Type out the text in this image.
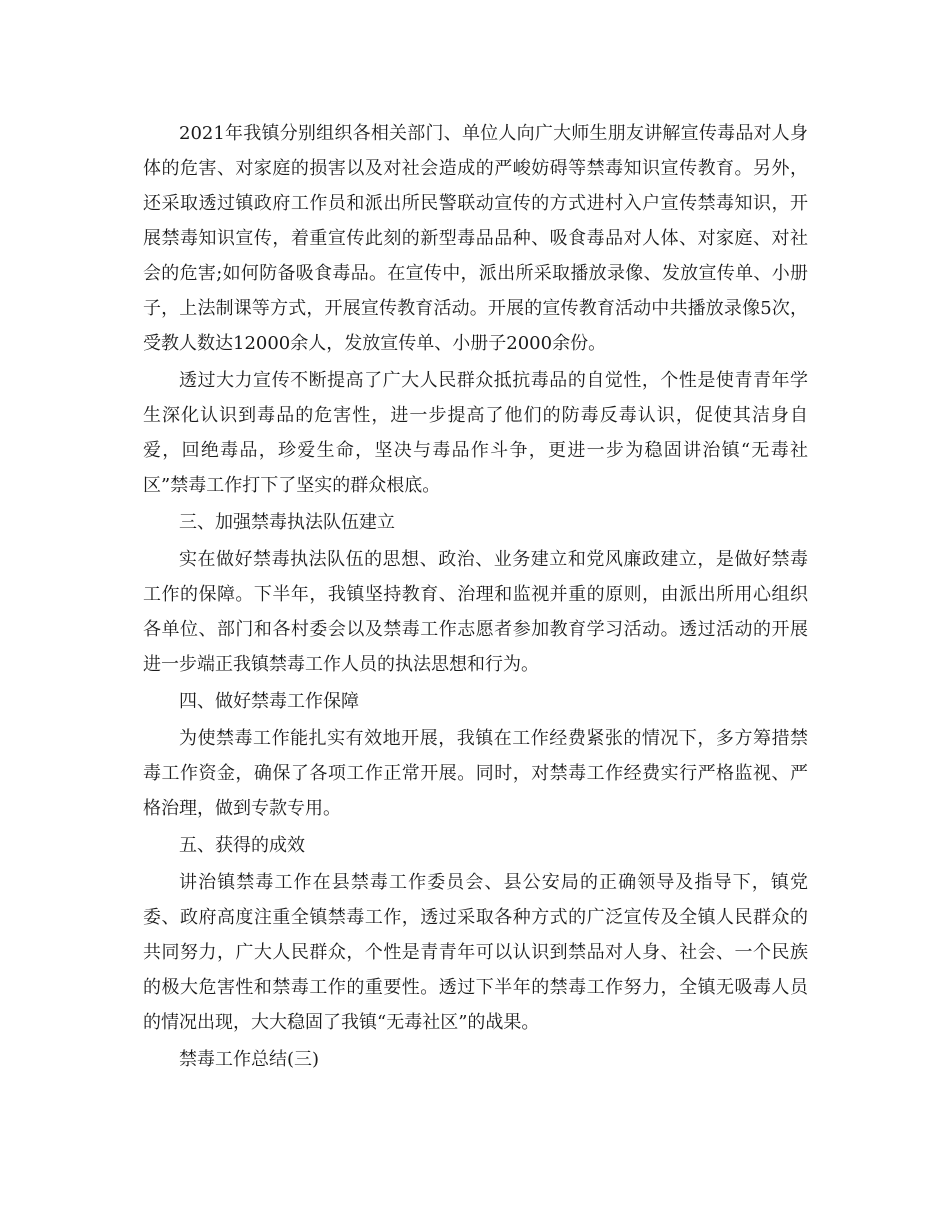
2021年我镇分别组织各相关部门、单位人向广大师生朋友讲解宣传毒品对人身体的危害、对家庭的损害以及对社会造成的严峻妨碍等禁毒知识宣传教育。另外，还采取透过镇政府工作员和派出所民警联动宣传的方式进村入户宣传禁毒知识，开展禁毒知识宣传，着重宣传此刻的新型毒品品种、吸食毒品对人体、对家庭、对社会的危害;如何防备吸食毒品。在宣传中，派出所采取播放录像、发放宣传单、小册子，上法制课等方式，开展宣传教育活动。开展的宣传教育活动中共播放录像5次，受教人数达12000余人，发放宣传单、小册子2000余份。

透过大力宣传不断提高了广大人民群众抵抗毒品的自觉性，个性是使青青年学生深化认识到毒品的危害性，进一步提高了他们的防毒反毒认识，促使其洁身自爱，回绝毒品，珍爱生命，坚决与毒品作斗争，更进一步为稳固讲治镇“无毒社区”禁毒工作打下了坚实的群众根底。

三、加强禁毒执法队伍建立

实在做好禁毒执法队伍的思想、政治、业务建立和党风廉政建立，是做好禁毒工作的保障。下半年，我镇坚持教育、治理和监视并重的原则，由派出所用心组织各单位、部门和各村委会以及禁毒工作志愿者参加教育学习活动。透过活动的开展进一步端正我镇禁毒工作人员的执法思想和行为。

四、做好禁毒工作保障

为使禁毒工作能扎实有效地开展，我镇在工作经费紧张的情况下，多方筹措禁毒工作资金，确保了各项工作正常开展。同时，对禁毒工作经费实行严格监视、严格治理，做到专款专用。

五、获得的成效

讲治镇禁毒工作在县禁毒工作委员会、县公安局的正确领导及指导下，镇党委、政府高度注重全镇禁毒工作，透过采取各种方式的广泛宣传及全镇人民群众的共同努力，广大人民群众，个性是青青年可以认识到禁品对人身、社会、一个民族的极大危害性和禁毒工作的重要性。透过下半年的禁毒工作努力，全镇无吸毒人员的情况出现，大大稳固了我镇“无毒社区”的战果。

禁毒工作总结(三)
